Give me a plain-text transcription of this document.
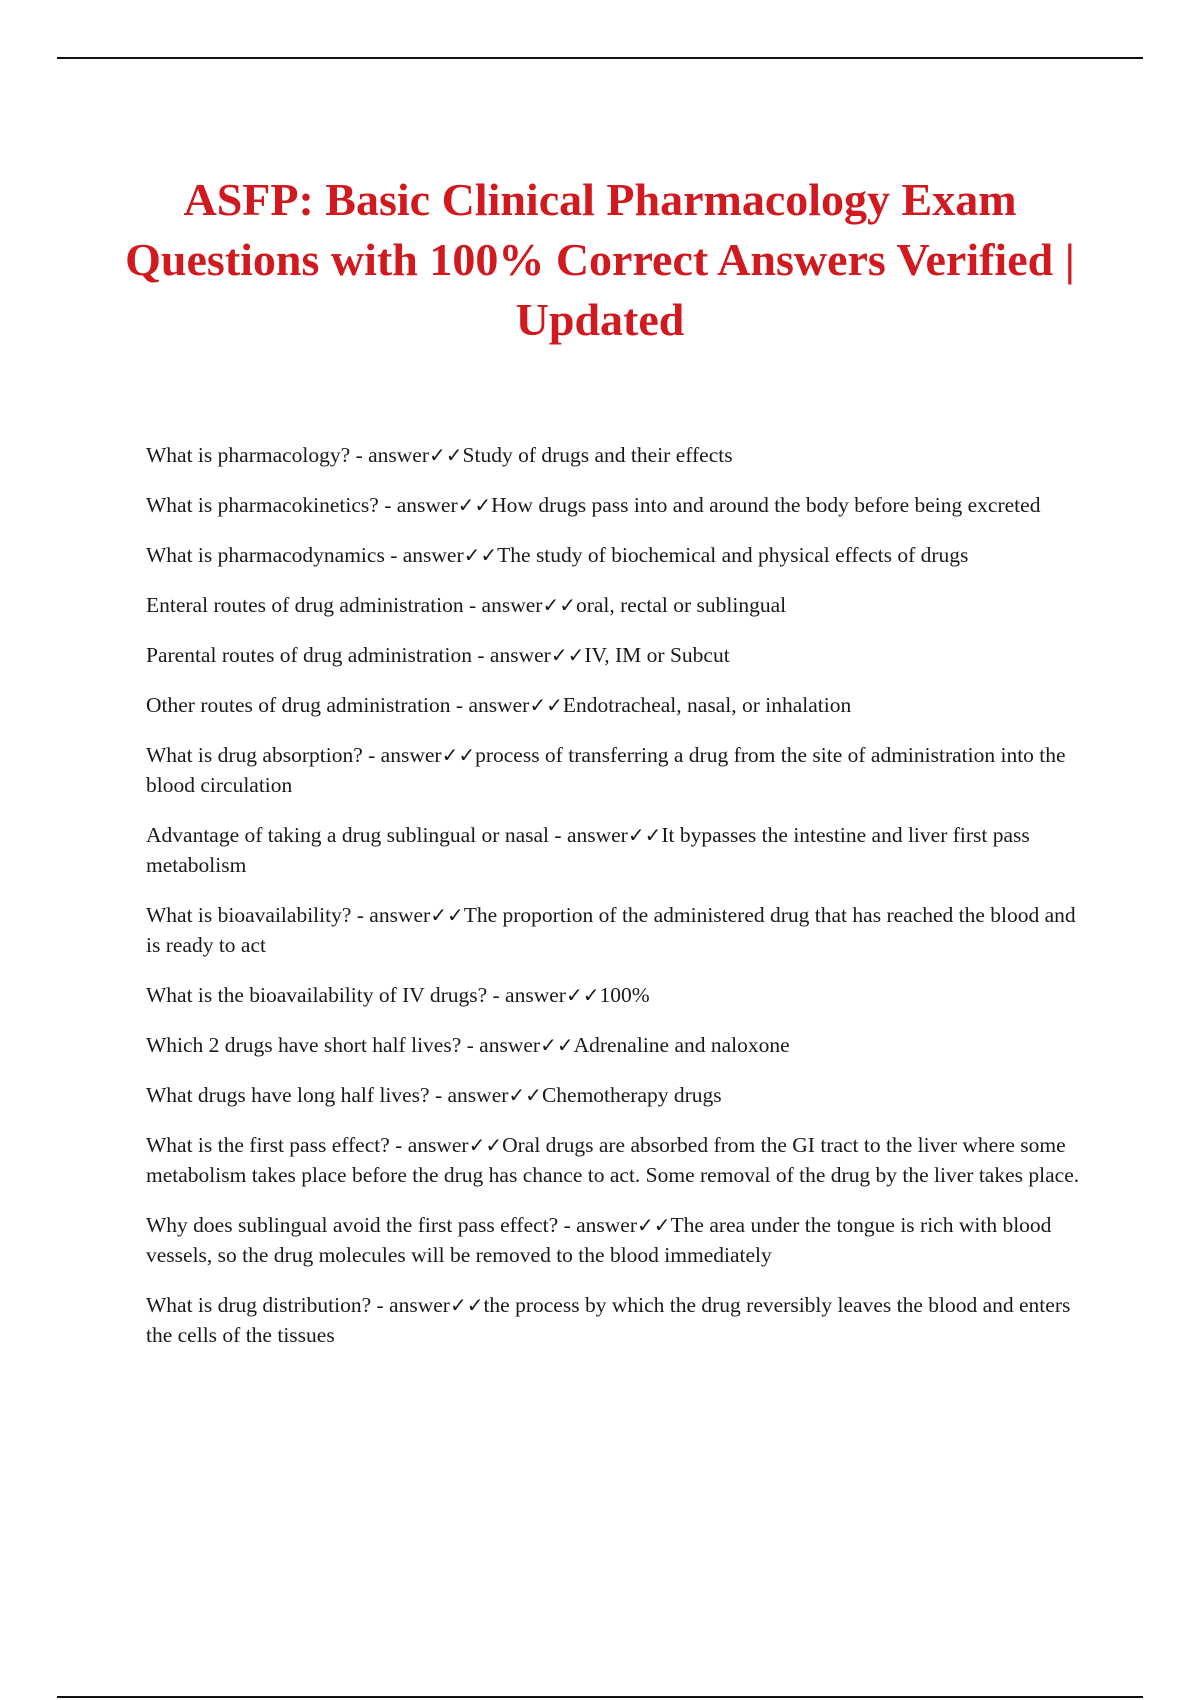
ASFP: Basic Clinical Pharmacology Exam Questions with 100% Correct Answers Verified | Updated
What is pharmacology? - answer✓✓Study of drugs and their effects
What is pharmacokinetics? - answer✓✓How drugs pass into and around the body before being excreted
What is pharmacodynamics - answer✓✓The study of biochemical and physical effects of drugs
Enteral routes of drug administration - answer✓✓oral, rectal or sublingual
Parental routes of drug administration - answer✓✓IV, IM or Subcut
Other routes of drug administration - answer✓✓Endotracheal, nasal, or inhalation
What is drug absorption? - answer✓✓process of transferring a drug from the site of administration into the blood circulation
Advantage of taking a drug sublingual or nasal - answer✓✓It bypasses the intestine and liver first pass metabolism
What is bioavailability? - answer✓✓The proportion of the administered drug that has reached the blood and is ready to act
What is the bioavailability of IV drugs? - answer✓✓100%
Which 2 drugs have short half lives? - answer✓✓Adrenaline and naloxone
What drugs have long half lives? - answer✓✓Chemotherapy drugs
What is the first pass effect? - answer✓✓Oral drugs are absorbed from the GI tract to the liver where some metabolism takes place before the drug has chance to act. Some removal of the drug by the liver takes place.
Why does sublingual avoid the first pass effect? - answer✓✓The area under the tongue is rich with blood vessels, so the drug molecules will be removed to the blood immediately
What is drug distribution? - answer✓✓the process by which the drug reversibly leaves the blood and enters the cells of the tissues
